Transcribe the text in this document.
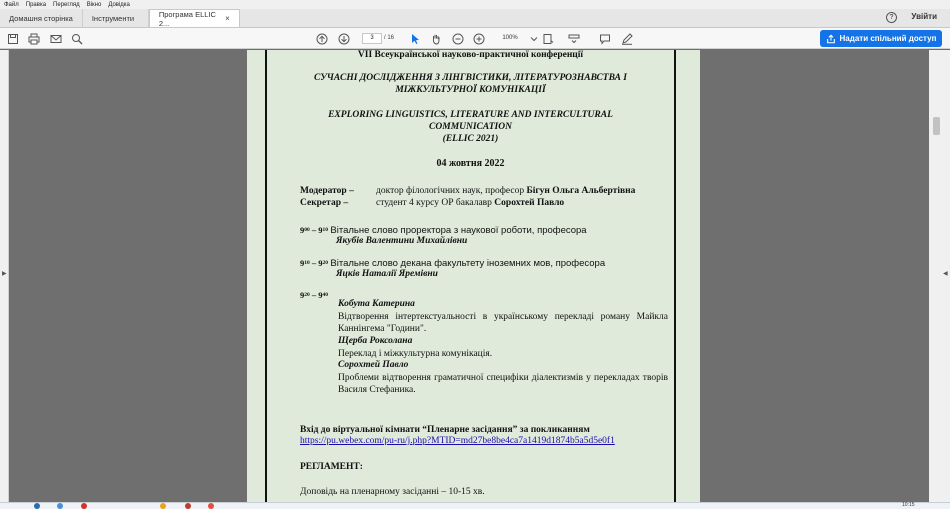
Файл Правка Перегляд Вікно Довідка
Домашня сторінка	Інструменти	Програма ELLIC 2...	×	?	Увійти
3	/ 16	100%	Надати спільний доступ
▶	◀
VІІ Всеукраїнської науково-практичної конференції
СУЧАСНІ ДОСЛІДЖЕННЯ З ЛІНГВІСТИКИ, ЛІТЕРАТУРОЗНАВСТВА І
МІЖКУЛЬТУРНОЇ КОМУНІКАЦІЇ
EXPLORING LINGUISTICS, LITERATURE AND INTERCULTURAL
COMMUNICATION
(ELLIC 2021)
04 жовтня 2022
Модератор – доктор філологічних наук, професор Бігун Ольга Альбертівна
Секретар –	студент 4 курсу ОР бакалавр Сорохтей Павло
$9^{00} - 9^{10}$ Вітальне слово проректора з наукової роботи, професора
Якубів Валентини Михайлівни
$9^{10} - 9^{20}$ Вітальне слово декана факультету іноземних мов, професора
Яцків Наталії Яремівни
$9^{20} - 9^{40}$
Кобута Катерина
Відтворення інтертекстуальності в українському перекладі роману Майкла Каннінгема "Години".
Щерба Роксолана
Переклад і міжкультурна комунікація.
Сорохтей Павло
Проблеми відтворення граматичної специфіки діалектизмів у перекладах творів Василя Стефаника.
Вхід до віртуальної кімнати “Пленарне засідання” за покликанням
https://pu.webex.com/pu-ru/j.php?MTID=md27be8be4ca7a1419d1874b5a5d5e0f1
РЕГЛАМЕНТ:
Доповідь на пленарному засіданні – 10-15 хв.
10:15
